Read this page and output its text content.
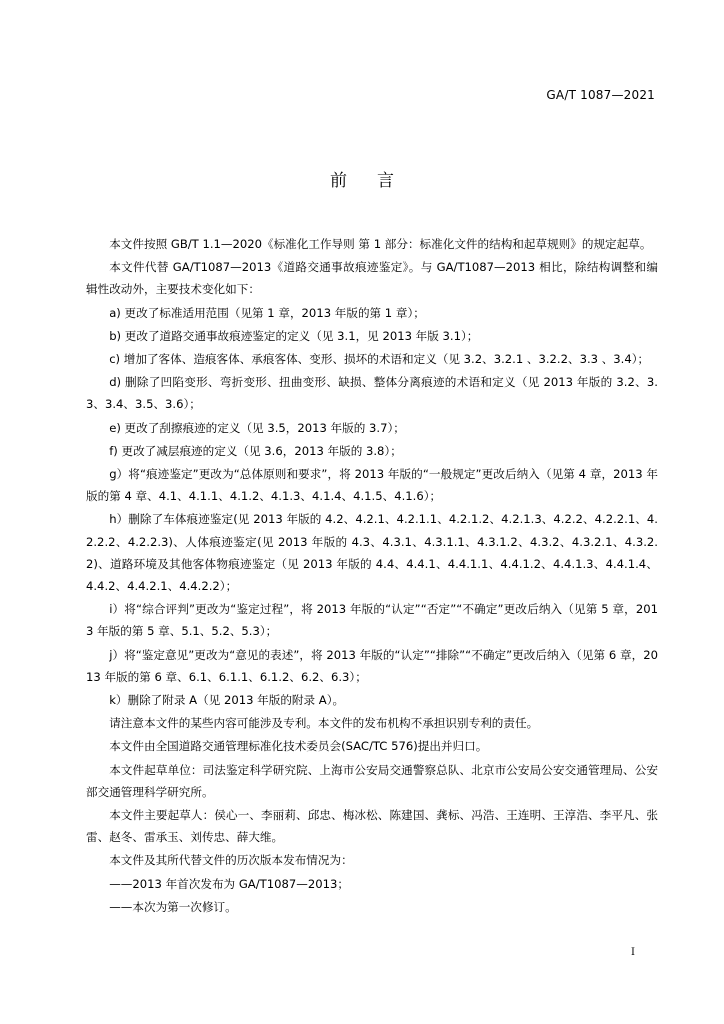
GA/T 1087—2021
前言

本文件按照 GB/T 1.1—2020《标准化工作导则 第 1 部分：标准化文件的结构和起草规则》的规定起草。

本文件代替 GA/T1087—2013《道路交通事故痕迹鉴定》。与 GA/T1087—2013 相比，除结构调整和编辑性改动外，主要技术变化如下：

a) 更改了标准适用范围（见第 1 章，2013 年版的第 1 章）；

b) 更改了道路交通事故痕迹鉴定的定义（见 3.1，见 2013 年版 3.1）；

c) 增加了客体、造痕客体、承痕客体、变形、损坏的术语和定义（见 3.2、3.2.1 、3.2.2、3.3 、3.4）；

d) 删除了凹陷变形、弯折变形、扭曲变形、缺损、整体分离痕迹的术语和定义（见 2013 年版的 3.2、3.3、3.4、3.5、3.6）；

e) 更改了刮擦痕迹的定义（见 3.5，2013 年版的 3.7）；

f) 更改了减层痕迹的定义（见 3.6，2013 年版的 3.8）；

g）将“痕迹鉴定”更改为“总体原则和要求”，将 2013 年版的“一般规定”更改后纳入（见第 4 章，2013 年版的第 4 章、4.1、4.1.1、4.1.2、4.1.3、4.1.4、4.1.5、4.1.6）；

h）删除了车体痕迹鉴定(见 2013 年版的 4.2、4.2.1、4.2.1.1、4.2.1.2、4.2.1.3、4.2.2、4.2.2.1、4.2.2.2、4.2.2.3)、人体痕迹鉴定(见 2013 年版的 4.3、4.3.1、4.3.1.1、4.3.1.2、4.3.2、4.3.2.1、4.3.2.2)、道路环境及其他客体物痕迹鉴定（见 2013 年版的 4.4、4.4.1、4.4.1.1、4.4.1.2、4.4.1.3、4.4.1.4、4.4.2、4.4.2.1、4.4.2.2）；

i）将“综合评判”更改为“鉴定过程”，将 2013 年版的“认定”“否定”“不确定”更改后纳入（见第 5 章，2013 年版的第 5 章、5.1、5.2、5.3）；

j）将“鉴定意见”更改为“意见的表述”，将 2013 年版的“认定”“排除”“不确定”更改后纳入（见第 6 章，2013 年版的第 6 章、6.1、6.1.1、6.1.2、6.2、6.3）；

k）删除了附录 A（见 2013 年版的附录 A）。

请注意本文件的某些内容可能涉及专利。本文件的发布机构不承担识别专利的责任。

本文件由全国道路交通管理标准化技术委员会(SAC/TC 576)提出并归口。

本文件起草单位：司法鉴定科学研究院、上海市公安局交通警察总队、北京市公安局公安交通管理局、公安部交通管理科学研究所。

本文件主要起草人：侯心一、李丽莉、邱忠、梅冰松、陈建国、龚标、冯浩、王连明、王淳浩、李平凡、张雷、赵冬、雷承玉、刘传忠、薛大维。

本文件及其所代替文件的历次版本发布情况为：

——2013 年首次发布为 GA/T1087—2013；

——本次为第一次修订。

I
